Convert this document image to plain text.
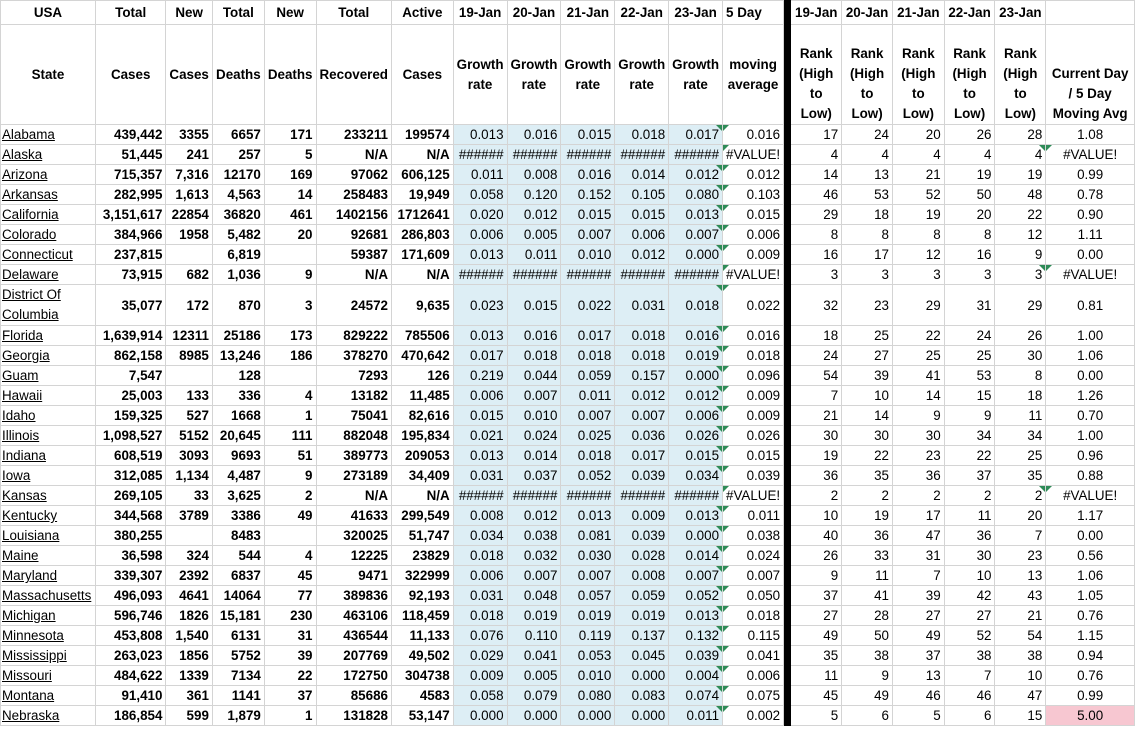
USA	Total	New	Total	New	Total	Active	19-Jan	20-Jan	21-Jan	22-Jan	23-Jan	5 Day		19-Jan	20-Jan	21-Jan	22-Jan	23-Jan	
State	Cases	Cases	Deaths	Deaths	Recovered	Cases	Growth rate	Growth rate	Growth rate	Growth rate	Growth rate	moving average		Rank (High to Low)	Rank (High to Low)	Rank (High to Low)	Rank (High to Low)	Rank (High to Low)	Current Day / 5 Day Moving Avg
Alabama	439,442	3355	6657	171	233211	199574	0.013	0.016	0.015	0.018	0.017	0.016		17	24	20	26	28	1.08
Alaska	51,445	241	257	5	N/A	N/A	######	######	######	######	######	#VALUE!		4	4	4	4	4	#VALUE!
Arizona	715,357	7,316	12170	169	97062	606,125	0.011	0.008	0.016	0.014	0.012	0.012		14	13	21	19	19	0.99
Arkansas	282,995	1,613	4,563	14	258483	19,949	0.058	0.120	0.152	0.105	0.080	0.103		46	53	52	50	48	0.78
California	3,151,617	22854	36820	461	1402156	1712641	0.020	0.012	0.015	0.015	0.013	0.015		29	18	19	20	22	0.90
Colorado	384,966	1958	5,482	20	92681	286,803	0.006	0.005	0.007	0.006	0.007	0.006		8	8	8	8	12	1.11
Connecticut	237,815		6,819		59387	171,609	0.013	0.011	0.010	0.012	0.000	0.009		16	17	12	16	9	0.00
Delaware	73,915	682	1,036	9	N/A	N/A	######	######	######	######	######	#VALUE!		3	3	3	3	3	#VALUE!
District Of Columbia	35,077	172	870	3	24572	9,635	0.023	0.015	0.022	0.031	0.018	0.022		32	23	29	31	29	0.81
Florida	1,639,914	12311	25186	173	829222	785506	0.013	0.016	0.017	0.018	0.016	0.016		18	25	22	24	26	1.00
Georgia	862,158	8985	13,246	186	378270	470,642	0.017	0.018	0.018	0.018	0.019	0.018		24	27	25	25	30	1.06
Guam	7,547		128		7293	126	0.219	0.044	0.059	0.157	0.000	0.096		54	39	41	53	8	0.00
Hawaii	25,003	133	336	4	13182	11,485	0.006	0.007	0.011	0.012	0.012	0.009		7	10	14	15	18	1.26
Idaho	159,325	527	1668	1	75041	82,616	0.015	0.010	0.007	0.007	0.006	0.009		21	14	9	9	11	0.70
Illinois	1,098,527	5152	20,645	111	882048	195,834	0.021	0.024	0.025	0.036	0.026	0.026		30	30	30	34	34	1.00
Indiana	608,519	3093	9693	51	389773	209053	0.013	0.014	0.018	0.017	0.015	0.015		19	22	23	22	25	0.96
Iowa	312,085	1,134	4,487	9	273189	34,409	0.031	0.037	0.052	0.039	0.034	0.039		36	35	36	37	35	0.88
Kansas	269,105	33	3,625	2	N/A	N/A	######	######	######	######	######	#VALUE!		2	2	2	2	2	#VALUE!
Kentucky	344,568	3789	3386	49	41633	299,549	0.008	0.012	0.013	0.009	0.013	0.011		10	19	17	11	20	1.17
Louisiana	380,255		8483		320025	51,747	0.034	0.038	0.081	0.039	0.000	0.038		40	36	47	36	7	0.00
Maine	36,598	324	544	4	12225	23829	0.018	0.032	0.030	0.028	0.014	0.024		26	33	31	30	23	0.56
Maryland	339,307	2392	6837	45	9471	322999	0.006	0.007	0.007	0.008	0.007	0.007		9	11	7	10	13	1.06
Massachusetts	496,093	4641	14064	77	389836	92,193	0.031	0.048	0.057	0.059	0.052	0.050		37	41	39	42	43	1.05
Michigan	596,746	1826	15,181	230	463106	118,459	0.018	0.019	0.019	0.019	0.013	0.018		27	28	27	27	21	0.76
Minnesota	453,808	1,540	6131	31	436544	11,133	0.076	0.110	0.119	0.137	0.132	0.115		49	50	49	52	54	1.15
Mississippi	263,023	1856	5752	39	207769	49,502	0.029	0.041	0.053	0.045	0.039	0.041		35	38	37	38	38	0.94
Missouri	484,622	1339	7134	22	172750	304738	0.009	0.005	0.010	0.000	0.004	0.006		11	9	13	7	10	0.76
Montana	91,410	361	1141	37	85686	4583	0.058	0.079	0.080	0.083	0.074	0.075		45	49	46	46	47	0.99
Nebraska	186,854	599	1,879	1	131828	53,147	0.000	0.000	0.000	0.000	0.011	0.002		5	6	5	6	15	5.00
